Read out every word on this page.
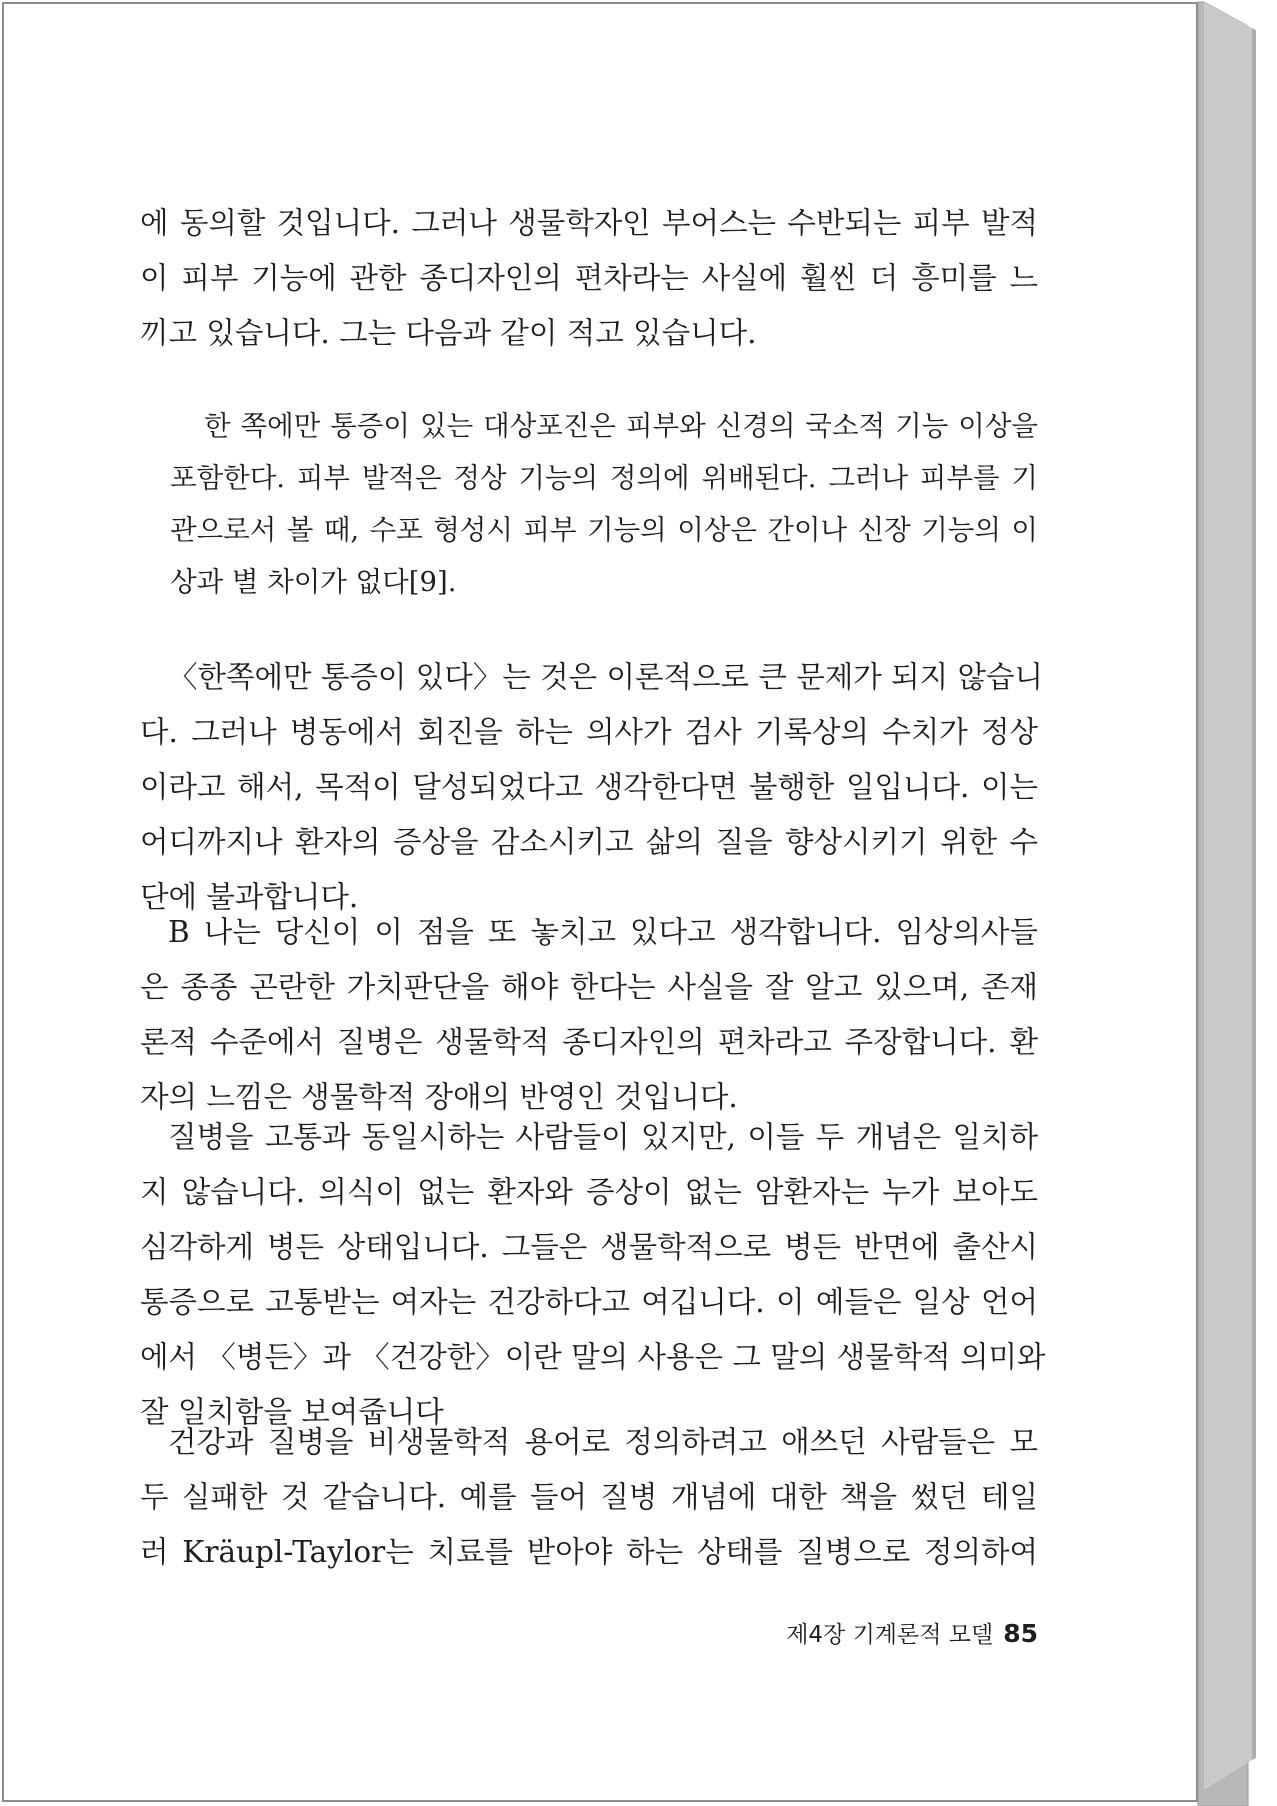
에 동의할 것입니다. 그러나 생물학자인 부어스는 수반되는 피부 발적
이 피부 기능에 관한 종디자인의 편차라는 사실에 훨씬 더 흥미를 느
끼고 있습니다. 그는 다음과 같이 적고 있습니다.
한 쪽에만 통증이 있는 대상포진은 피부와 신경의 국소적 기능 이상을
포함한다. 피부 발적은 정상 기능의 정의에 위배된다. 그러나 피부를 기
관으로서 볼 때, 수포 형성시 피부 기능의 이상은 간이나 신장 기능의 이
상과 별 차이가 없다[9].
〈한쪽에만 통증이 있다〉는 것은 이론적으로 큰 문제가 되지 않습니
다. 그러나 병동에서 회진을 하는 의사가 검사 기록상의 수치가 정상
이라고 해서, 목적이 달성되었다고 생각한다면 불행한 일입니다. 이는
어디까지나 환자의 증상을 감소시키고 삶의 질을 향상시키기 위한 수
단에 불과합니다.
B 나는 당신이 이 점을 또 놓치고 있다고 생각합니다. 임상의사들
은 종종 곤란한 가치판단을 해야 한다는 사실을 잘 알고 있으며, 존재
론적 수준에서 질병은 생물학적 종디자인의 편차라고 주장합니다. 환
자의 느낌은 생물학적 장애의 반영인 것입니다.
질병을 고통과 동일시하는 사람들이 있지만, 이들 두 개념은 일치하
지 않습니다. 의식이 없는 환자와 증상이 없는 암환자는 누가 보아도
심각하게 병든 상태입니다. 그들은 생물학적으로 병든 반면에 출산시
통증으로 고통받는 여자는 건강하다고 여깁니다. 이 예들은 일상 언어
에서 〈병든〉과 〈건강한〉이란 말의 사용은 그 말의 생물학적 의미와
잘 일치함을 보여줍니다
건강과 질병을 비생물학적 용어로 정의하려고 애쓰던 사람들은 모
두 실패한 것 같습니다. 예를 들어 질병 개념에 대한 책을 썼던 테일
러 Kräupl-Taylor는 치료를 받아야 하는 상태를 질병으로 정의하여
제4장 기계론적 모델 85
